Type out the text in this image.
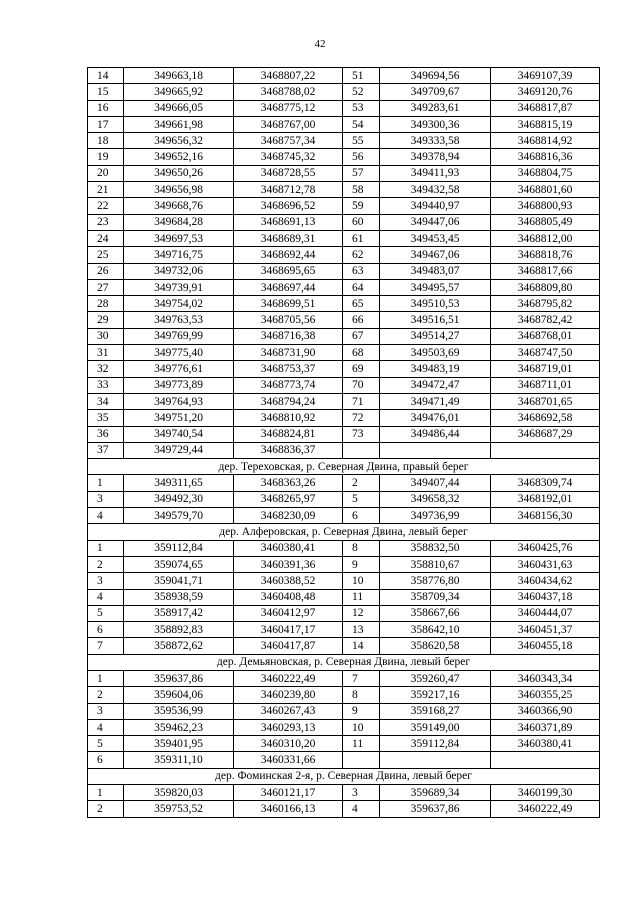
42
14	349663,18	3468807,22	51	349694,56	3469107,39
15	349665,92	3468788,02	52	349709,67	3469120,76
16	349666,05	3468775,12	53	349283,61	3468817,87
17	349661,98	3468767,00	54	349300,36	3468815,19
18	349656,32	3468757,34	55	349333,58	3468814,92
19	349652,16	3468745,32	56	349378,94	3468816,36
20	349650,26	3468728,55	57	349411,93	3468804,75
21	349656,98	3468712,78	58	349432,58	3468801,60
22	349668,76	3468696,52	59	349440,97	3468800,93
23	349684,28	3468691,13	60	349447,06	3468805,49
24	349697,53	3468689,31	61	349453,45	3468812,00
25	349716,75	3468692,44	62	349467,06	3468818,76
26	349732,06	3468695,65	63	349483,07	3468817,66
27	349739,91	3468697,44	64	349495,57	3468809,80
28	349754,02	3468699,51	65	349510,53	3468795,82
29	349763,53	3468705,56	66	349516,51	3468782,42
30	349769,99	3468716,38	67	349514,27	3468768,01
31	349775,40	3468731,90	68	349503,69	3468747,50
32	349776,61	3468753,37	69	349483,19	3468719,01
33	349773,89	3468773,74	70	349472,47	3468711,01
34	349764,93	3468794,24	71	349471,49	3468701,65
35	349751,20	3468810,92	72	349476,01	3468692,58
36	349740,54	3468824,81	73	349486,44	3468687,29
37	349729,44	3468836,37			
дер. Тереховская, р. Северная Двина, правый берег					
1	349311,65	3468363,26	2	349407,44	3468309,74
3	349492,30	3468265,97	5	349658,32	3468192,01
4	349579,70	3468230,09	6	349736,99	3468156,30
дер. Алферовская, р. Северная Двина, левый берег					
1	359112,84	3460380,41	8	358832,50	3460425,76
2	359074,65	3460391,36	9	358810,67	3460431,63
3	359041,71	3460388,52	10	358776,80	3460434,62
4	358938,59	3460408,48	11	358709,34	3460437,18
5	358917,42	3460412,97	12	358667,66	3460444,07
6	358892,83	3460417,17	13	358642,10	3460451,37
7	358872,62	3460417,87	14	358620,58	3460455,18
дер. Демьяновская, р. Северная Двина, левый берег					
1	359637,86	3460222,49	7	359260,47	3460343,34
2	359604,06	3460239,80	8	359217,16	3460355,25
3	359536,99	3460267,43	9	359168,27	3460366,90
4	359462,23	3460293,13	10	359149,00	3460371,89
5	359401,95	3460310,20	11	359112,84	3460380,41
6	359311,10	3460331,66			
дер. Фоминская 2-я, р. Северная Двина, левый берег					
1	359820,03	3460121,17	3	359689,34	3460199,30
2	359753,52	3460166,13	4	359637,86	3460222,49
